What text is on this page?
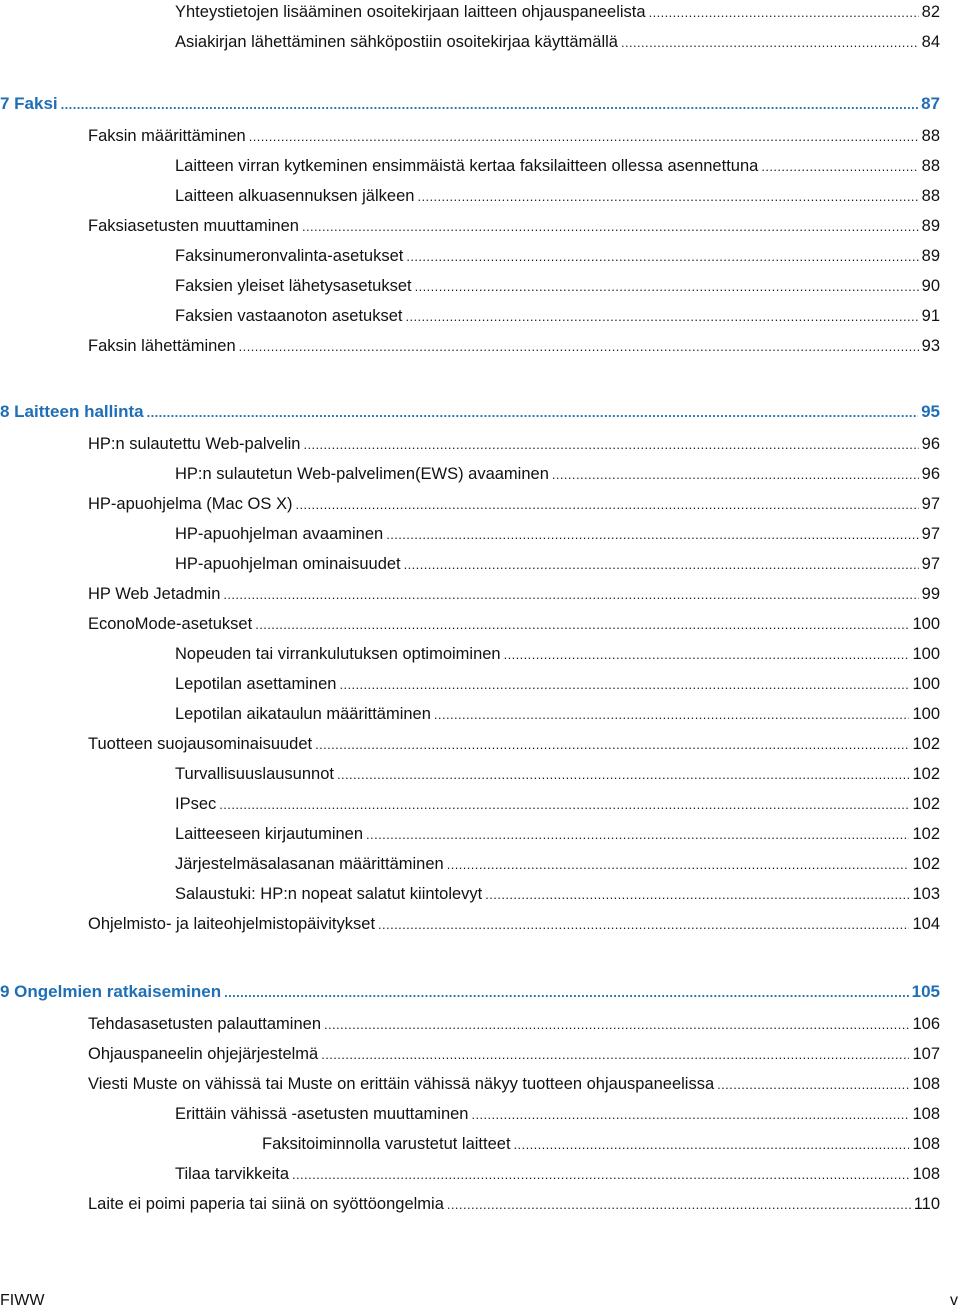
Yhteystietojen lisääminen osoitekirjaan laitteen ohjauspaneelista .....	82
Asiakirjan lähettäminen sähköpostiin osoitekirjaa käyttämällä .....	84
7 Faksi .....	87
Faksin määrittäminen .....	88
Laitteen virran kytkeminen ensimmäistä kertaa faksilaitteen ollessa asennettuna .....	88
Laitteen alkuasennuksen jälkeen .....	88
Faksiasetusten muuttaminen .....	89
Faksinumeronvalinta-asetukset .....	89
Faksien yleiset lähetysasetukset .....	90
Faksien vastaanoton asetukset .....	91
Faksin lähettäminen .....	93
8 Laitteen hallinta .....	95
HP:n sulautettu Web-palvelin .....	96
HP:n sulautetun Web-palvelimen(EWS) avaaminen .....	96
HP-apuohjelma (Mac OS X) .....	97
HP-apuohjelman avaaminen .....	97
HP-apuohjelman ominaisuudet .....	97
HP Web Jetadmin .....	99
EconoMode-asetukset .....	100
Nopeuden tai virrankulutuksen optimoiminen .....	100
Lepotilan asettaminen .....	100
Lepotilan aikataulun määrittäminen .....	100
Tuotteen suojausominaisuudet .....	102
Turvallisuuslausunnot .....	102
IPsec .....	102
Laitteeseen kirjautuminen .....	102
Järjestelmäsalasanan määrittäminen .....	102
Salaustuki: HP:n nopeat salatut kiintolevyt .....	103
Ohjelmisto- ja laiteohjelmistopäivitykset .....	104
9 Ongelmien ratkaiseminen .....	105
Tehdasasetusten palauttaminen .....	106
Ohjauspaneelin ohjejärjestelmä .....	107
Viesti Muste on vähissä tai Muste on erittäin vähissä näkyy tuotteen ohjauspaneelissa .....	108
Erittäin vähissä -asetusten muuttaminen .....	108
Faksitoiminnolla varustetut laitteet .....	108
Tilaa tarvikkeita .....	108
Laite ei poimi paperia tai siinä on syöttöongelmia .....	110
FIWW	v
